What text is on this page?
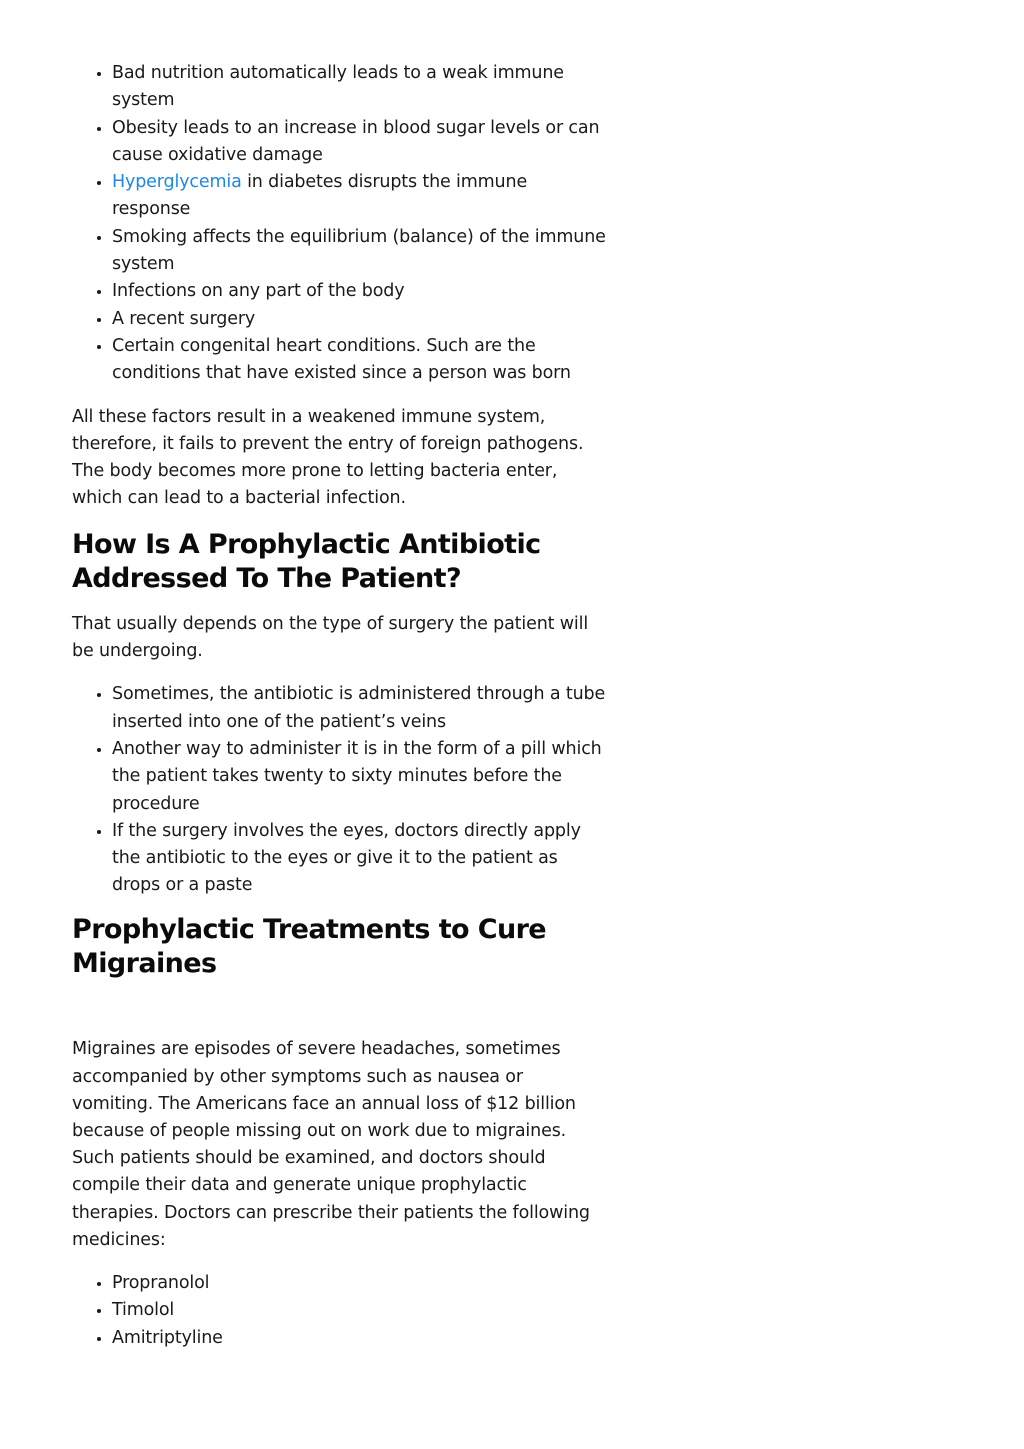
• Bad nutrition automatically leads to a weak immune system
• Obesity leads to an increase in blood sugar levels or can cause oxidative damage
• Hyperglycemia in diabetes disrupts the immune response
• Smoking affects the equilibrium (balance) of the immune system
• Infections on any part of the body
• A recent surgery
• Certain congenital heart conditions. Such are the conditions that have existed since a person was born

All these factors result in a weakened immune system, therefore, it fails to prevent the entry of foreign pathogens. The body becomes more prone to letting bacteria enter, which can lead to a bacterial infection.

How Is A Prophylactic Antibiotic Addressed To The Patient?

That usually depends on the type of surgery the patient will be undergoing.

• Sometimes, the antibiotic is administered through a tube inserted into one of the patient’s veins
• Another way to administer it is in the form of a pill which the patient takes twenty to sixty minutes before the procedure
• If the surgery involves the eyes, doctors directly apply the antibiotic to the eyes or give it to the patient as drops or a paste
Prophylactic Treatments to Cure Migraines

Migraines are episodes of severe headaches, sometimes accompanied by other symptoms such as nausea or vomiting. The Americans face an annual loss of $12 billion because of people missing out on work due to migraines. Such patients should be examined, and doctors should compile their data and generate unique prophylactic therapies. Doctors can prescribe their patients the following medicines:

• Propranolol
• Timolol
• Amitriptyline
